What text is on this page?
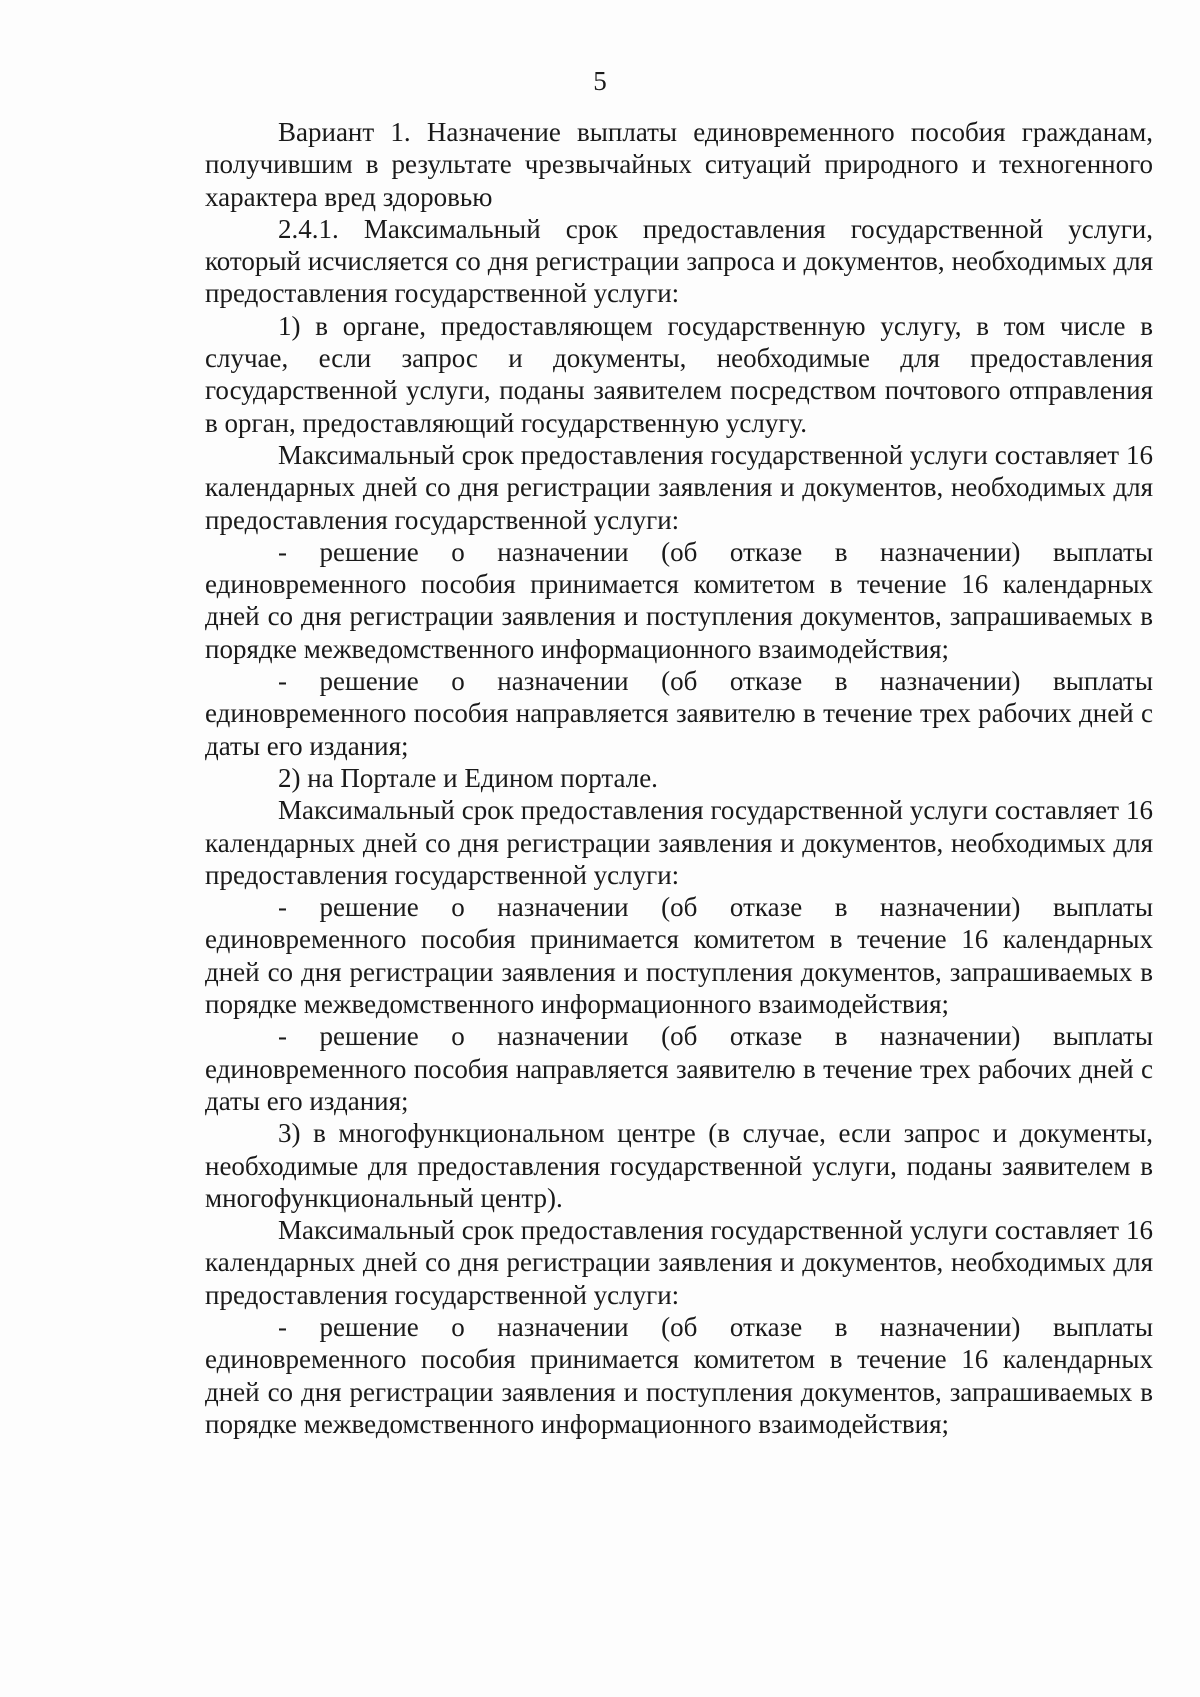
5

Вариант 1. Назначение выплаты единовременного пособия гражданам, получившим в результате чрезвычайных ситуаций природного и техногенного характера вред здоровью

2.4.1. Максимальный срок предоставления государственной услуги, который исчисляется со дня регистрации запроса и документов, необходимых для предоставления государственной услуги:

1) в органе, предоставляющем государственную услугу, в том числе в случае, если запрос и документы, необходимые для предоставления государственной услуги, поданы заявителем посредством почтового отправления в орган, предоставляющий государственную услугу.

Максимальный срок предоставления государственной услуги составляет 16 календарных дней со дня регистрации заявления и документов, необходимых для предоставления государственной услуги:

- решение о назначении (об отказе в назначении) выплаты единовременного пособия принимается комитетом в течение 16 календарных дней со дня регистрации заявления и поступления документов, запрашиваемых в порядке межведомственного информационного взаимодействия;

- решение о назначении (об отказе в назначении) выплаты единовременного пособия направляется заявителю в течение трех рабочих дней с даты его издания;

2) на Портале и Едином портале.

Максимальный срок предоставления государственной услуги составляет 16 календарных дней со дня регистрации заявления и документов, необходимых для предоставления государственной услуги:

- решение о назначении (об отказе в назначении) выплаты единовременного пособия принимается комитетом в течение 16 календарных дней со дня регистрации заявления и поступления документов, запрашиваемых в порядке межведомственного информационного взаимодействия;

- решение о назначении (об отказе в назначении) выплаты единовременного пособия направляется заявителю в течение трех рабочих дней с даты его издания;

3) в многофункциональном центре (в случае, если запрос и документы, необходимые для предоставления государственной услуги, поданы заявителем в многофункциональный центр).

Максимальный срок предоставления государственной услуги составляет 16 календарных дней со дня регистрации заявления и документов, необходимых для предоставления государственной услуги:

- решение о назначении (об отказе в назначении) выплаты единовременного пособия принимается комитетом в течение 16 календарных дней со дня регистрации заявления и поступления документов, запрашиваемых в порядке межведомственного информационного взаимодействия;
